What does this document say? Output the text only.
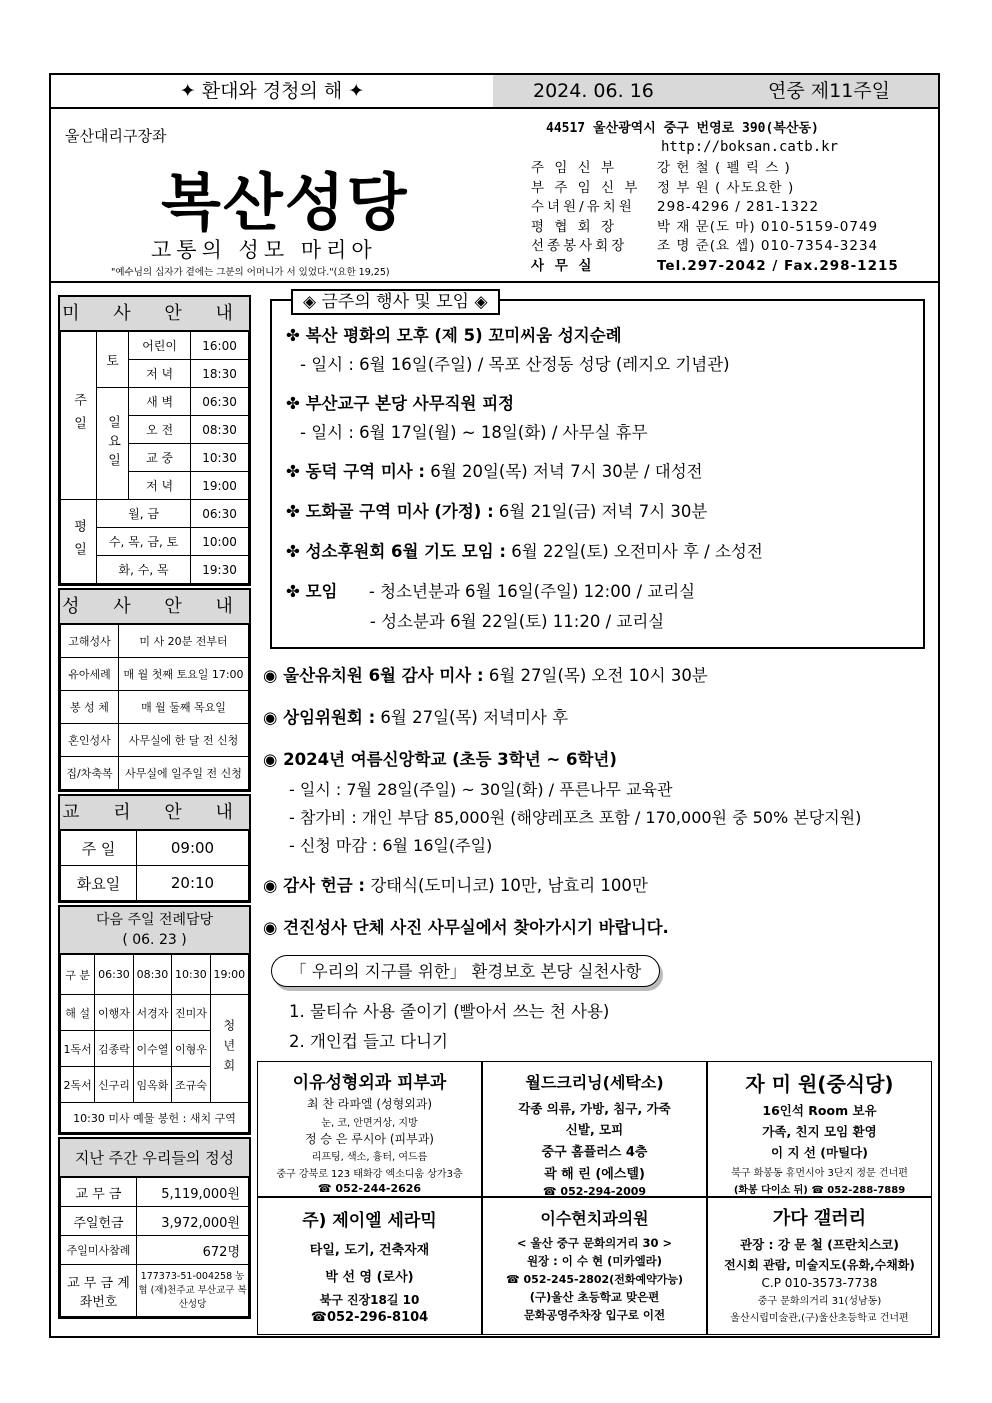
✦ 환대와 경청의 해 ✦	2024. 06. 16	연중 제11주일
울산대리구장좌
복산성당
고통의 성모 마리아
"예수님의 십자가 곁에는 그분의 어머니가 서 있었다."(요한 19,25)
44517 울산광역시 중구 번영로 390(복산동)
http://boksan.catb.kr
주 임 신 부	강 헌 철 ( 펠 릭 스 )
부 주 임 신 부	정 부 원 ( 사도요한 )
수녀원/유치원	298-4296 / 281-1322
평 협 회 장	박 재 문(도 마) 010-5159-0749
선종봉사회장	조 명 준(요 셉) 010-7354-3234
사 무 실	Tel.297-2042 / Fax.298-1215
미 사 안 내
주일	토	어린이	16:00
		저 녁	18:30
	일요일	새 벽	06:30
		오 전	08:30
		교 중	10:30
		저 녁	19:00
평일	월, 금		06:30
	수, 목, 금, 토		10:00
	화, 수, 목		19:30
성 사 안 내
고해성사	미 사 20분 전부터
유아세례	매 월 첫째 토요일 17:00
봉 성 체	매 월 둘째 목요일
혼인성사	사무실에 한 달 전 신청
집/차축복	사무실에 일주일 전 신청
교 리 안 내
주 일	09:00
화요일	20:10
다음 주일 전례담당
( 06. 23 )
구 분	06:30	08:30	10:30	19:00
해 설	이행자	서경자	진미자	청년회
1독서	김종락	이수열	이형우	
2독서	신구리	임옥화	조규숙	
10:30 미사 예물 봉헌 : 새치 구역				
지난 주간 우리들의 정성
교 무 금	5,119,000원
주일헌금	3,972,000원
주일미사참례	672명
교 무 금 계좌번호	177373-51-004258 농협 (재)천주교 부산교구 복산성당
◈ 금주의 행사 및 모임 ◈
✤ 복산 평화의 모후 (제 5) 꼬미씨움 성지순례
- 일시 : 6월 16일(주일) / 목포 산정동 성당 (레지오 기념관)
✤ 부산교구 본당 사무직원 피정
- 일시 : 6월 17일(월) ~ 18일(화) / 사무실 휴무
✤ 동덕 구역 미사 : 6월 20일(목) 저녁 7시 30분 / 대성전
✤ 도화골 구역 미사 (가정) : 6월 21일(금) 저녁 7시 30분
✤ 성소후원회 6월 기도 모임 : 6월 22일(토) 오전미사 후 / 소성전
✤ 모임      - 청소년분과 6월 16일(주일) 12:00 / 교리실
- 성소분과 6월 22일(토) 11:20 / 교리실
◉ 울산유치원 6월 감사 미사 : 6월 27일(목) 오전 10시 30분
◉ 상임위원회 : 6월 27일(목) 저녁미사 후
◉ 2024년 여름신앙학교 (초등 3학년 ~ 6학년)
- 일시 : 7월 28일(주일) ~ 30일(화) / 푸른나무 교육관
- 참가비 : 개인 부담 85,000원 (해양레포츠 포함 / 170,000원 중 50% 본당지원)
- 신청 마감 : 6월 16일(주일)
◉ 감사 헌금 : 강태식(도미니코) 10만, 남효리 100만
◉ 견진성사 단체 사진 사무실에서 찾아가시기 바랍니다.
「 우리의 지구를 위한」 환경보호 본당 실천사항
1. 물티슈 사용 줄이기 (빨아서 쓰는 천 사용)
2. 개인컵 들고 다니기
이유성형외과 피부과
최 찬 라파엘 (성형외과)
눈, 코, 안면거상, 지방
정 승 은 루시아 (피부과)
리프팅, 색소, 흉터, 여드름
중구 강북로 123 태화강 엑소디움 상가3층
☎ 052-244-2626
월드크리닝(세탁소)
각종 의류, 가방, 침구, 가죽
신발, 모피
중구 홈플러스 4층
곽 해 린 (에스텔)
☎ 052-294-2009
자 미 원(중식당)
16인석 Room 보유
가족, 친지 모임 환영
이 지 선 (마틸다)
북구 화봉동 휴먼시아 3단지 정문 건너편
(화봉 다이소 뒤) ☎ 052-288-7889
주) 제이엘 세라믹
타일, 도기, 건축자재
박 선 영 (로사)
북구 진장18길 10
☎052-296-8104
이수현치과의원
< 울산 중구 문화의거리 30 >
원장 : 이 수 현 (미카엘라)
☎ 052-245-2802(전화예약가능)
(구)울산 초등학교 맞은편
문화공영주차장 입구로 이전
가다 갤러리
관장 : 강 문 철 (프란치스코)
전시회 관람, 미술지도(유화,수채화)
C.P 010-3573-7738
중구 문화의거리 31(성남동)
울산시립미술관,(구)울산초등학교 건너편
